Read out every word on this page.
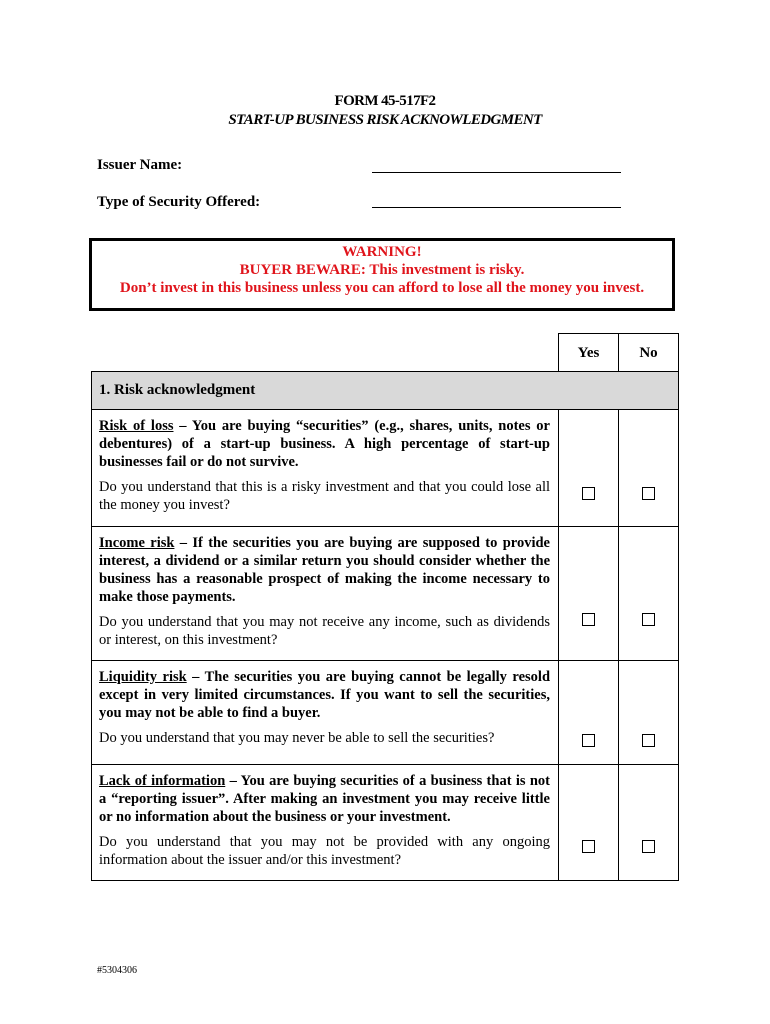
FORM 45-517F2
START-UP BUSINESS RISK ACKNOWLEDGMENT
Issuer Name:
Type of Security Offered:
WARNING!
BUYER BEWARE: This investment is risky.
Don’t invest in this business unless you can afford to lose all the money you invest.
Yes	No
1. Risk acknowledgment
Risk of loss – You are buying “securities” (e.g., shares, units, notes or debentures) of a start-up business. A high percentage of start-up businesses fail or do not survive.
Do you understand that this is a risky investment and that you could lose all the money you invest?
Income risk – If the securities you are buying are supposed to provide interest, a dividend or a similar return you should consider whether the business has a reasonable prospect of making the income necessary to make those payments.
Do you understand that you may not receive any income, such as dividends or interest, on this investment?
Liquidity risk – The securities you are buying cannot be legally resold except in very limited circumstances. If you want to sell the securities, you may not be able to find a buyer.
Do you understand that you may never be able to sell the securities?
Lack of information – You are buying securities of a business that is not a “reporting issuer”. After making an investment you may receive little or no information about the business or your investment.
Do you understand that you may not be provided with any ongoing information about the issuer and/or this investment?
#5304306
